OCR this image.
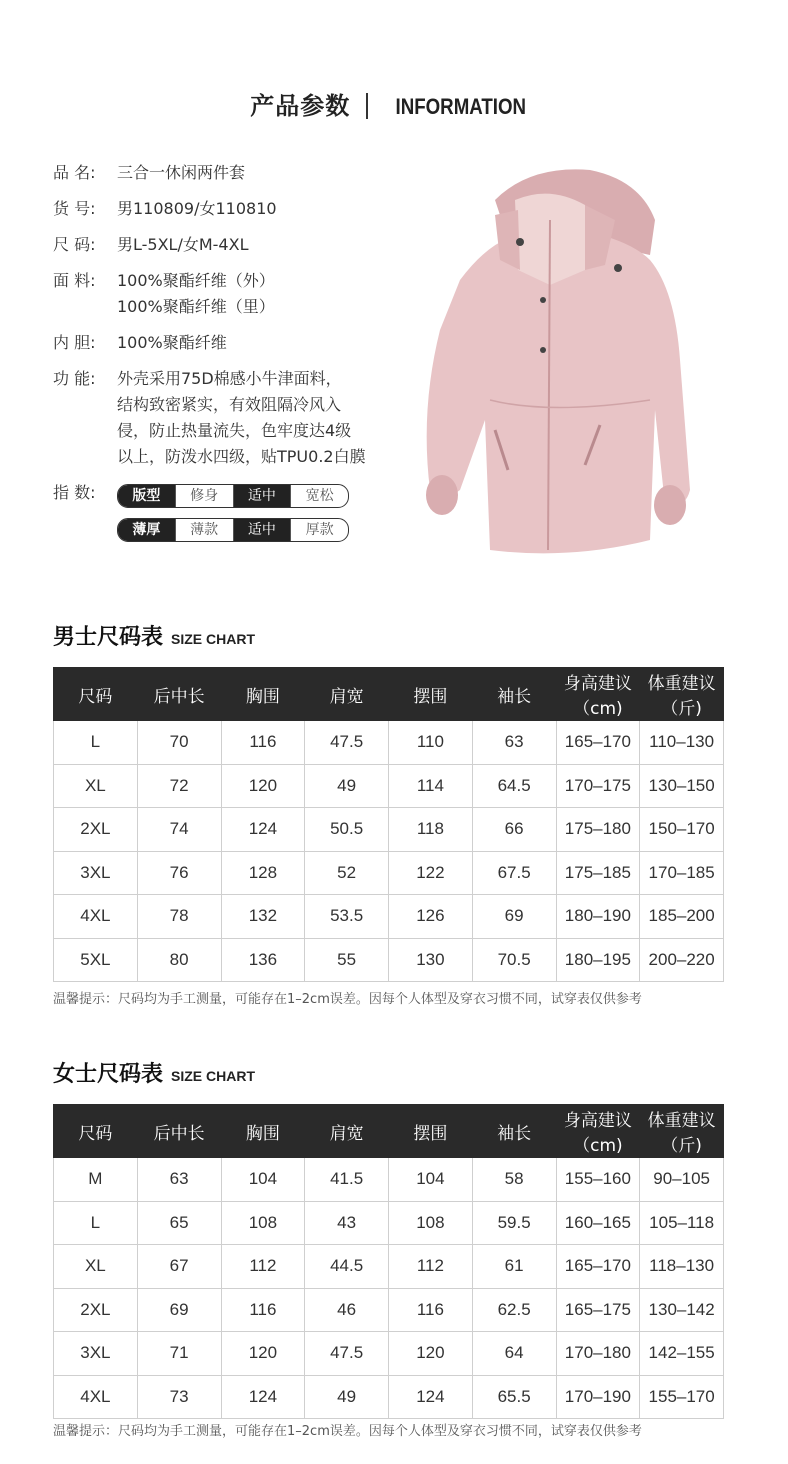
产品参数 INFORMATION
品 名:	三合一休闲两件套
货 号:	男110809/女110810
尺 码:	男L-5XL/女M-4XL
面 料:	100%聚酯纤维（外）
100%聚酯纤维（里）
内 胆:	100%聚酯纤维
功 能:	外壳采用75D棉感小牛津面料，
结构致密紧实，有效阻隔冷风入
侵，防止热量流失，色牢度达4级
以上，防泼水四级，贴TPU0.2白膜
指 数:	版型	修身	适中	宽松
薄厚	薄款	适中	厚款
男士尺码表 SIZE CHART
尺码	后中长	胸围	肩宽	摆围	袖长	身高建议（cm)	体重建议（斤)
L	70	116	47.5	110	63	165–170	110–130
XL	72	120	49	114	64.5	170–175	130–150
2XL	74	124	50.5	118	66	175–180	150–170
3XL	76	128	52	122	67.5	175–185	170–185
4XL	78	132	53.5	126	69	180–190	185–200
5XL	80	136	55	130	70.5	180–195	200–220
温馨提示：尺码均为手工测量，可能存在1–2cm误差。因每个人体型及穿衣习惯不同，试穿表仅供参考
女士尺码表 SIZE CHART
尺码	后中长	胸围	肩宽	摆围	袖长	身高建议（cm)	体重建议（斤)
M	63	104	41.5	104	58	155–160	90–105
L	65	108	43	108	59.5	160–165	105–118
XL	67	112	44.5	112	61	165–170	118–130
2XL	69	116	46	116	62.5	165–175	130–142
3XL	71	120	47.5	120	64	170–180	142–155
4XL	73	124	49	124	65.5	170–190	155–170
温馨提示：尺码均为手工测量，可能存在1–2cm误差。因每个人体型及穿衣习惯不同，试穿表仅供参考
